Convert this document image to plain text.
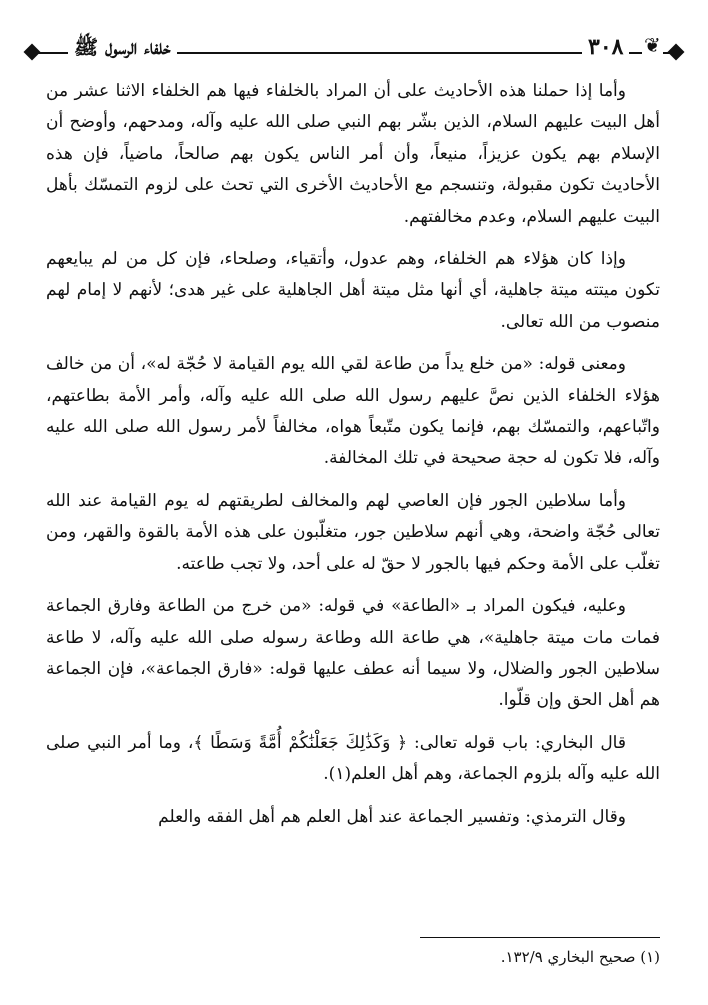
خلفاء الرسول ﷺ	٣٠٨	❦

وأما إذا حملنا هذه الأحاديث على أن المراد بالخلفاء فيها هم الخلفاء الاثنا عشر من أهل البيت عليهم السلام، الذين بشّر بهم النبي صلى الله عليه وآله، ومدحهم، وأوضح أن الإسلام بهم يكون عزيزاً، منيعاً، وأن أمر الناس يكون بهم صالحاً، ماضياً، فإن هذه الأحاديث تكون مقبولة، وتنسجم مع الأحاديث الأخرى التي تحث على لزوم التمسّك بأهل البيت عليهم السلام، وعدم مخالفتهم.

وإذا كان هؤلاء هم الخلفاء، وهم عدول، وأتقياء، وصلحاء، فإن كل من لم يبايعهم تكون ميتته ميتة جاهلية، أي أنها مثل ميتة أهل الجاهلية على غير هدى؛ لأنهم لا إمام لهم منصوب من الله تعالى.

ومعنى قوله: «من خلع يداً من طاعة لقي الله يوم القيامة لا حُجّة له»، أن من خالف هؤلاء الخلفاء الذين نصَّ عليهم رسول الله صلى الله عليه وآله، وأمر الأمة بطاعتهم، واتّباعهم، والتمسّك بهم، فإنما يكون متّبعاً هواه، مخالفاً لأمر رسول الله صلى الله عليه وآله، فلا تكون له حجة صحيحة في تلك المخالفة.

وأما سلاطين الجور فإن العاصي لهم والمخالف لطريقتهم له يوم القيامة عند الله تعالى حُجّة واضحة، وهي أنهم سلاطين جور، متغلّبون على هذه الأمة بالقوة والقهر، ومن تغلّب على الأمة وحكم فيها بالجور لا حقّ له على أحد، ولا تجب طاعته.

وعليه، فيكون المراد بـ «الطاعة» في قوله: «من خرج من الطاعة وفارق الجماعة فمات مات ميتة جاهلية»، هي طاعة الله وطاعة رسوله صلى الله عليه وآله، لا طاعة سلاطين الجور والضلال، ولا سيما أنه عطف عليها قوله: «فارق الجماعة»، فإن الجماعة هم أهل الحق وإن قلّوا.

قال البخاري: باب قوله تعالى: ﴿ وَكَذَٰلِكَ جَعَلْنَٰكُمْ أُمَّةً وَسَطًا ﴾، وما أمر النبي صلى الله عليه وآله بلزوم الجماعة، وهم أهل العلم(١).

وقال الترمذي: وتفسير الجماعة عند أهل العلم هم أهل الفقه والعلم

(١) صحيح البخاري ١٣٢/٩.
